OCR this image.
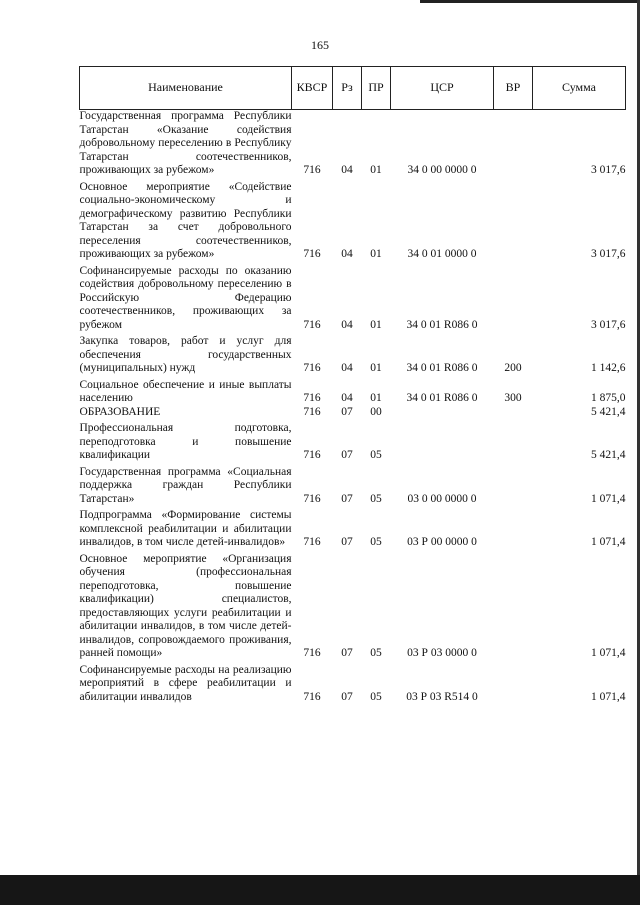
165
Наименование	КВСР	Рз	ПР	ЦСР	ВР	Сумма
Государственная программа Республики Татарстан «Оказание содействия добровольному переселению в Республику Татарстан соотечественников, проживающих за рубежом»	716	04	01	34 0 00 0000 0		3 017,6
Основное мероприятие «Содействие социально-экономическому и демографическому развитию Республики Татарстан за счет добровольного переселения соотечественников, проживающих за рубежом»	716	04	01	34 0 01 0000 0		3 017,6
Софинансируемые расходы по оказанию содействия добровольному переселению в Российскую Федерацию соотечественников, проживающих за рубежом	716	04	01	34 0 01 R086 0		3 017,6
Закупка товаров, работ и услуг для обеспечения государственных (муниципальных) нужд	716	04	01	34 0 01 R086 0	200	1 142,6
Социальное обеспечение и иные выплаты населению	716	04	01	34 0 01 R086 0	300	1 875,0
ОБРАЗОВАНИЕ	716	07	00			5 421,4
Профессиональная подготовка, переподготовка и повышение квалификации	716	07	05			5 421,4
Государственная программа «Социальная поддержка граждан Республики Татарстан»	716	07	05	03 0 00 0000 0		1 071,4
Подпрограмма «Формирование системы комплексной реабилитации и абилитации инвалидов, в том числе детей-инвалидов»	716	07	05	03 Р 00 0000 0		1 071,4
Основное мероприятие «Организация обучения (профессиональная переподготовка, повышение квалификации) специалистов, предоставляющих услуги реабилитации и абилитации инвалидов, в том числе детей-инвалидов, сопровождаемого проживания, ранней помощи»	716	07	05	03 Р 03 0000 0		1 071,4
Софинансируемые расходы на реализацию мероприятий в сфере реабилитации и абилитации инвалидов	716	07	05	03 Р 03 R514 0		1 071,4
